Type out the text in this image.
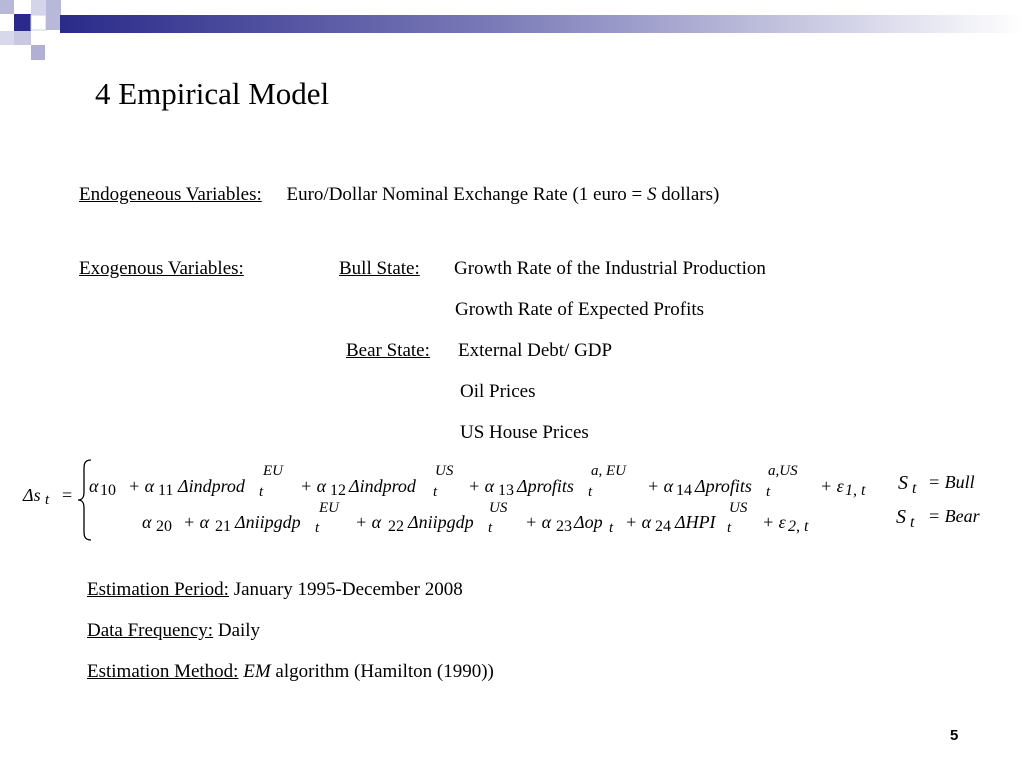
4 Empirical Model
Endogeneous Variables: Euro/Dollar Nominal Exchange Rate (1 euro = S dollars)
Exogenous Variables:	Bull State: Growth Rate of the Industrial Production
Growth Rate of Expected Profits
Bear State: External Debt/ GDP
Oil Prices
US House Prices
Δs t = α 10 + α 11 Δindprod
EU
t + α 12 Δindprod
US
t + α 13 Δprofits
a, EU
t	+ α 14 Δprofits
a,US
t	+ ε 1, t
α 20 + α 21 Δniipgdp
EU
t + α 22 Δniipgdp
US
t + α 23 Δop t + α 24 ΔHPI
US
t + ε 2, t
S t = Bull
S t = Bear
Estimation Period: January 1995-December 2008
Data Frequency: Daily
Estimation Method: EM algorithm (Hamilton (1990))
5
